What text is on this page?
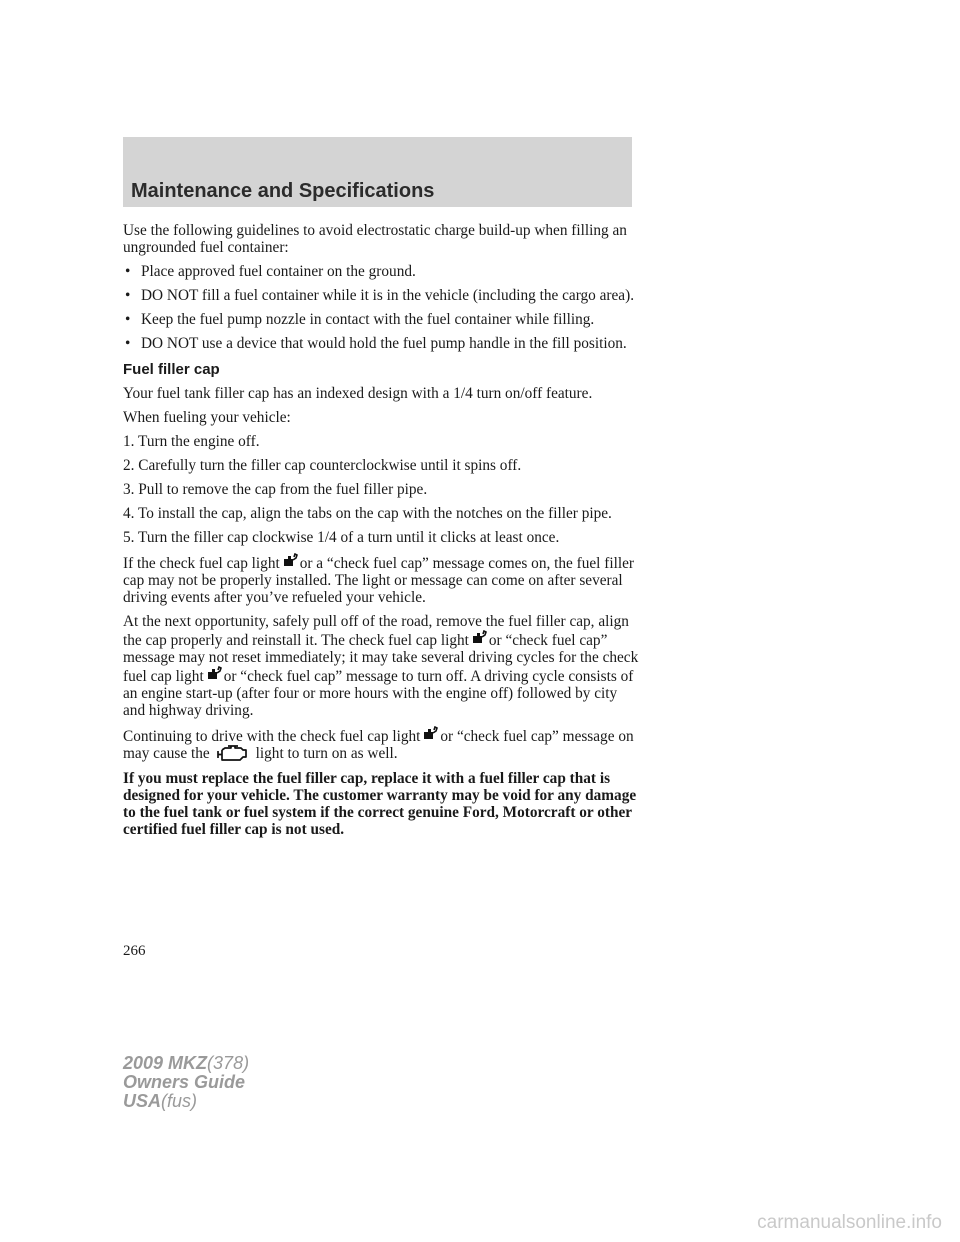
Maintenance and Specifications

Use the following guidelines to avoid electrostatic charge build-up when filling an ungrounded fuel container:

• Place approved fuel container on the ground.
• DO NOT fill a fuel container while it is in the vehicle (including the cargo area).
• Keep the fuel pump nozzle in contact with the fuel container while filling.
• DO NOT use a device that would hold the fuel pump handle in the fill position.
Fuel filler cap

Your fuel tank filler cap has an indexed design with a 1/4 turn on/off feature.

When fueling your vehicle:

1. Turn the engine off.

2. Carefully turn the filler cap counterclockwise until it spins off.

3. Pull to remove the cap from the fuel filler pipe.

4. To install the cap, align the tabs on the cap with the notches on the filler pipe.

5. Turn the filler cap clockwise 1/4 of a turn until it clicks at least once.

If the check fuel cap light or a “check fuel cap” message comes on, the fuel filler cap may not be properly installed. The light or message can come on after several driving events after you’ve refueled your vehicle.

At the next opportunity, safely pull off of the road, remove the fuel filler cap, align the cap properly and reinstall it. The check fuel cap light or “check fuel cap” message may not reset immediately; it may take several driving cycles for the check fuel cap light or “check fuel cap” message to turn off. A driving cycle consists of an engine start-up (after four or more hours with the engine off) followed by city and highway driving.

Continuing to drive with the check fuel cap light or “check fuel cap” message on may cause the	light to turn on as well.

If you must replace the fuel filler cap, replace it with a fuel filler cap that is designed for your vehicle. The customer warranty may be void for any damage to the fuel tank or fuel system if the correct genuine Ford, Motorcraft or other certified fuel filler cap is not used.

266

2009 MKZ(378)
Owners Guide
USA(fus)
carmanualsonline.info
